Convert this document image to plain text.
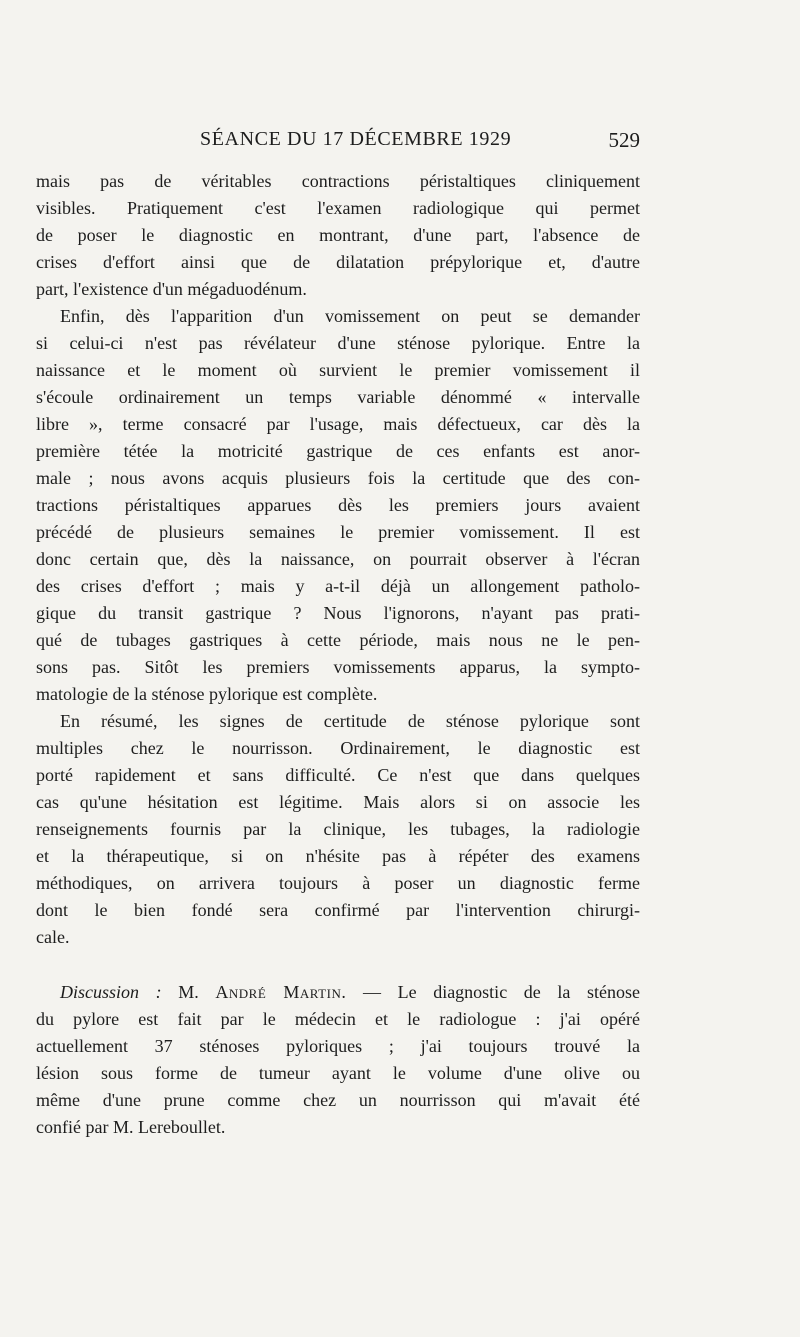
SÉANCE DU 17 DÉCEMBRE 1929	529
mais pas de véritables contractions péristaltiques cliniquement
visibles. Pratiquement c'est l'examen radiologique qui permet
de poser le diagnostic en montrant, d'une part, l'absence de
crises d'effort ainsi que de dilatation prépylorique et, d'autre
part, l'existence d'un mégaduodénum.
Enfin, dès l'apparition d'un vomissement on peut se demander
si celui-ci n'est pas révélateur d'une sténose pylorique. Entre la
naissance et le moment où survient le premier vomissement il
s'écoule ordinairement un temps variable dénommé « intervalle
libre », terme consacré par l'usage, mais défectueux, car dès la
première tétée la motricité gastrique de ces enfants est anor-
male ; nous avons acquis plusieurs fois la certitude que des con-
tractions péristaltiques apparues dès les premiers jours avaient
précédé de plusieurs semaines le premier vomissement. Il est
donc certain que, dès la naissance, on pourrait observer à l'écran
des crises d'effort ; mais y a-t-il déjà un allongement patholo-
gique du transit gastrique ? Nous l'ignorons, n'ayant pas prati-
qué de tubages gastriques à cette période, mais nous ne le pen-
sons pas. Sitôt les premiers vomissements apparus, la sympto-
matologie de la sténose pylorique est complète.
En résumé, les signes de certitude de sténose pylorique sont
multiples chez le nourrisson. Ordinairement, le diagnostic est
porté rapidement et sans difficulté. Ce n'est que dans quelques
cas qu'une hésitation est légitime. Mais alors si on associe les
renseignements fournis par la clinique, les tubages, la radiologie
et la thérapeutique, si on n'hésite pas à répéter des examens
méthodiques, on arrivera toujours à poser un diagnostic ferme
dont le bien fondé sera confirmé par l'intervention chirurgi-
cale.
Discussion : M. André Martin. — Le diagnostic de la sténose
du pylore est fait par le médecin et le radiologue : j'ai opéré
actuellement 37 sténoses pyloriques ; j'ai toujours trouvé la
lésion sous forme de tumeur ayant le volume d'une olive ou
même d'une prune comme chez un nourrisson qui m'avait été
confié par M. Lereboullet.
